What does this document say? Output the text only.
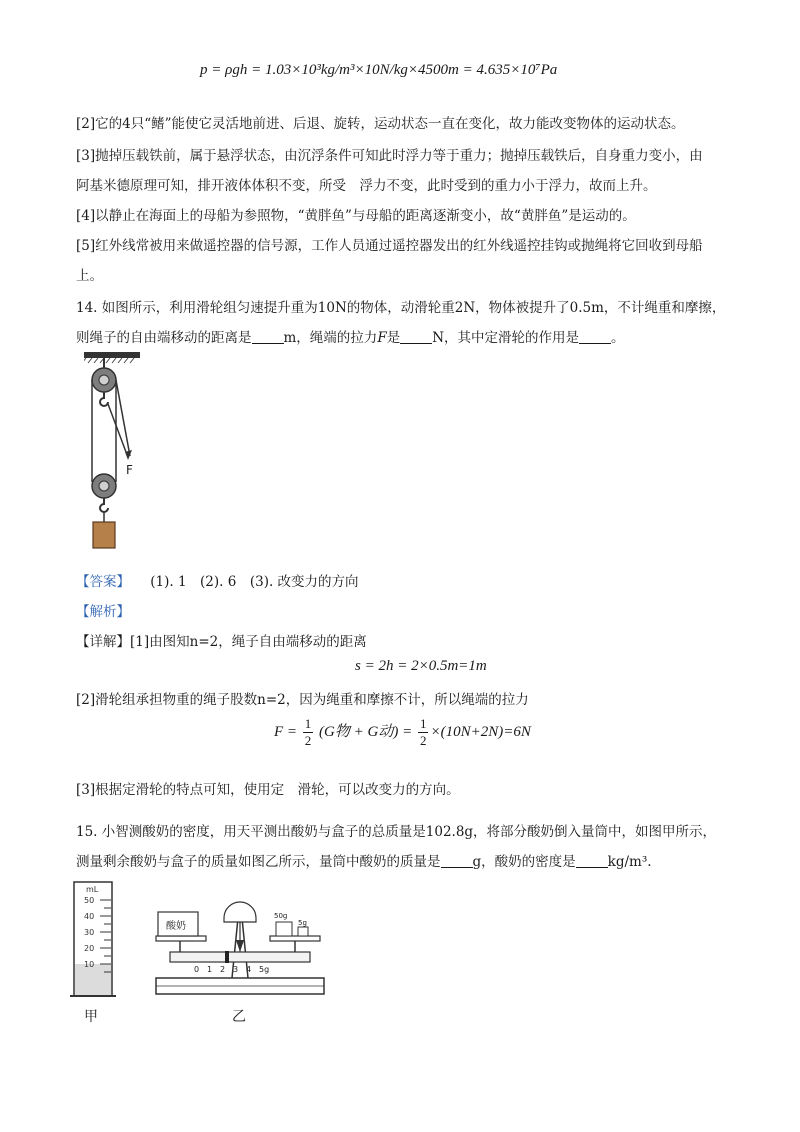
p = ρgh = 1.03×10³kg/m³×10N/kg×4500m = 4.635×10⁷Pa
[2]它的4只“鳍”能使它灵活地前进、后退、旋转，运动状态一直在变化，故力能改变物体的运动状态。
[3]抛掉压载铁前，属于悬浮状态，由沉浮条件可知此时浮力等于重力；抛掉压载铁后，自身重力变小，由
阿基米德原理可知，排开液体体积不变，所受　浮力不变，此时受到的重力小于浮力，故而上升。
[4]以静止在海面上的母船为参照物，“黄胖鱼”与母船的距离逐渐变小，故“黄胖鱼”是运动的。
[5]红外线常被用来做遥控器的信号源，工作人员通过遥控器发出的红外线遥控挂钩或抛绳将它回收到母船
上。
14. 如图所示，利用滑轮组匀速提升重为10N的物体，动滑轮重2N，物体被提升了0.5m，不计绳重和摩擦，
则绳子的自由端移动的距离是 m，绳端的拉力F是 N，其中定滑轮的作用是 。
F
【答案】　　 (1). 1　(2). 6　(3). 改变力的方向
【解析】
【详解】[1]由图知n=2，绳子自由端移动的距离
s = 2h = 2×0.5m=1m
[2]滑轮组承担物重的绳子股数n=2，因为绳重和摩擦不计，所以绳端的拉力
$F = \frac{1}{2} (G$物 + G动) = $\frac{1}{2} \times(10N+2N)=6N$
[3]根据定滑轮的特点可知，使用定　滑轮，可以改变力的方向。
15. 小智测酸奶的密度，用天平测出酸奶与盒子的总质量是102.8g，将部分酸奶倒入量筒中，如图甲所示，
测量剩余酸奶与盒子的质量如图乙所示，量筒中酸奶的质量是 g，酸奶的密度是 kg/m³.
mL
50
40
30
20
10
甲
酸奶
50g
5g
0 1 2 3 4 5g
乙
